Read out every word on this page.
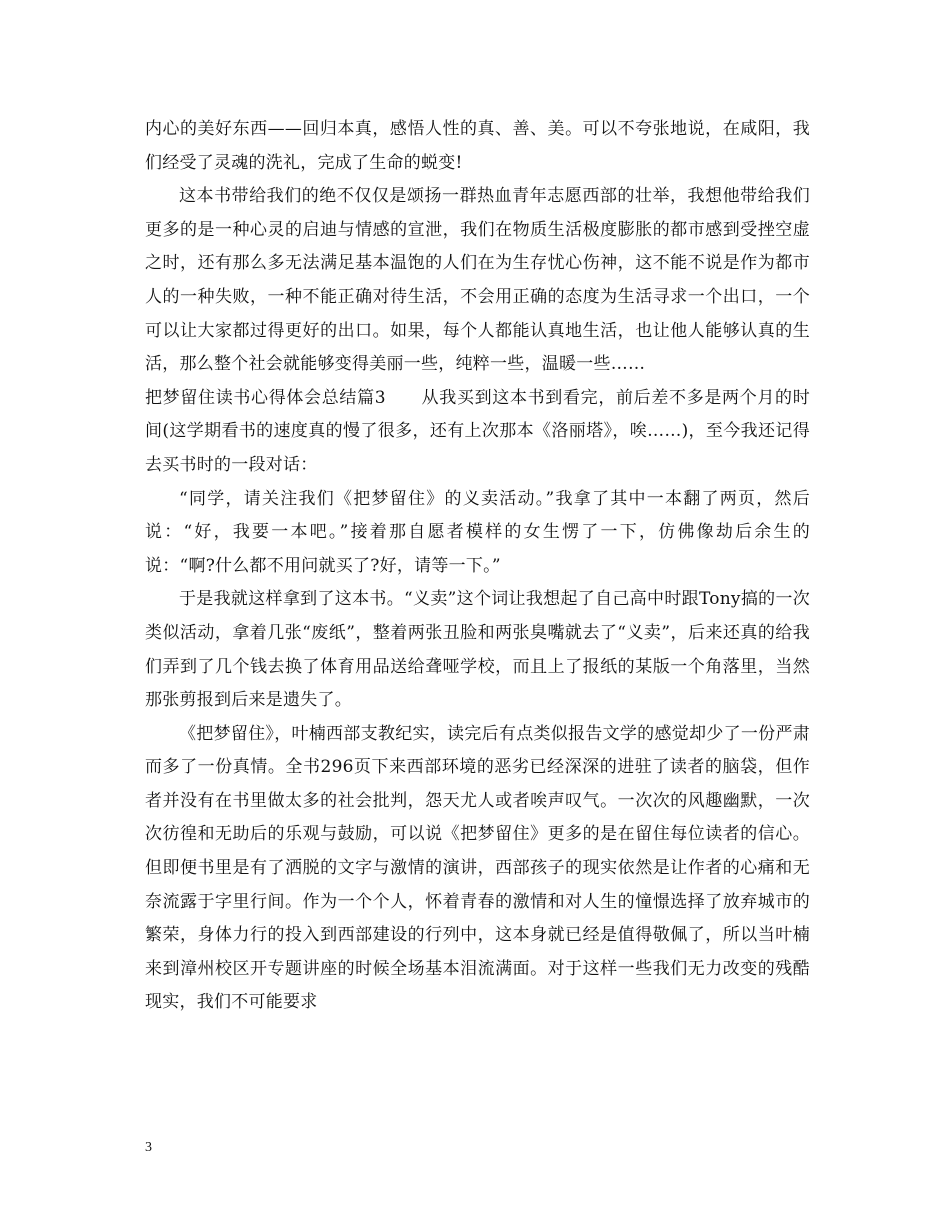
内心的美好东西——回归本真，感悟人性的真、善、美。可以不夸张地说，在咸阳，我们经受了灵魂的洗礼，完成了生命的蜕变!

这本书带给我们的绝不仅仅是颂扬一群热血青年志愿西部的壮举，我想他带给我们更多的是一种心灵的启迪与情感的宣泄，我们在物质生活极度膨胀的都市感到受挫空虚之时，还有那么多无法满足基本温饱的人们在为生存忧心伤神，这不能不说是作为都市人的一种失败，一种不能正确对待生活，不会用正确的态度为生活寻求一个出口，一个可以让大家都过得更好的出口。如果，每个人都能认真地生活，也让他人能够认真的生活，那么整个社会就能够变得美丽一些，纯粹一些，温暖一些……

把梦留住读书心得体会总结篇3　　从我买到这本书到看完，前后差不多是两个月的时间(这学期看书的速度真的慢了很多，还有上次那本《洛丽塔》，唉……)，至今我还记得去买书时的一段对话：

“同学，请关注我们《把梦留住》的义卖活动。”我拿了其中一本翻了两页，然后说：“好，我要一本吧。”接着那自愿者模样的女生愣了一下，仿佛像劫后余生的说：“啊?什么都不用问就买了?好，请等一下。”

于是我就这样拿到了这本书。“义卖”这个词让我想起了自己高中时跟Tony搞的一次类似活动，拿着几张“废纸”，整着两张丑脸和两张臭嘴就去了“义卖”，后来还真的给我们弄到了几个钱去换了体育用品送给聋哑学校，而且上了报纸的某版一个角落里，当然那张剪报到后来是遗失了。

《把梦留住》，叶楠西部支教纪实，读完后有点类似报告文学的感觉却少了一份严肃而多了一份真情。全书296页下来西部环境的恶劣已经深深的进驻了读者的脑袋，但作者并没有在书里做太多的社会批判，怨天尤人或者唉声叹气。一次次的风趣幽默，一次次彷徨和无助后的乐观与鼓励，可以说《把梦留住》更多的是在留住每位读者的信心。但即便书里是有了洒脱的文字与激情的演讲，西部孩子的现实依然是让作者的心痛和无奈流露于字里行间。作为一个个人，怀着青春的激情和对人生的憧憬选择了放弃城市的繁荣，身体力行的投入到西部建设的行列中，这本身就已经是值得敬佩了，所以当叶楠来到漳州校区开专题讲座的时候全场基本泪流满面。对于这样一些我们无力改变的残酷现实，我们不可能要求

3
